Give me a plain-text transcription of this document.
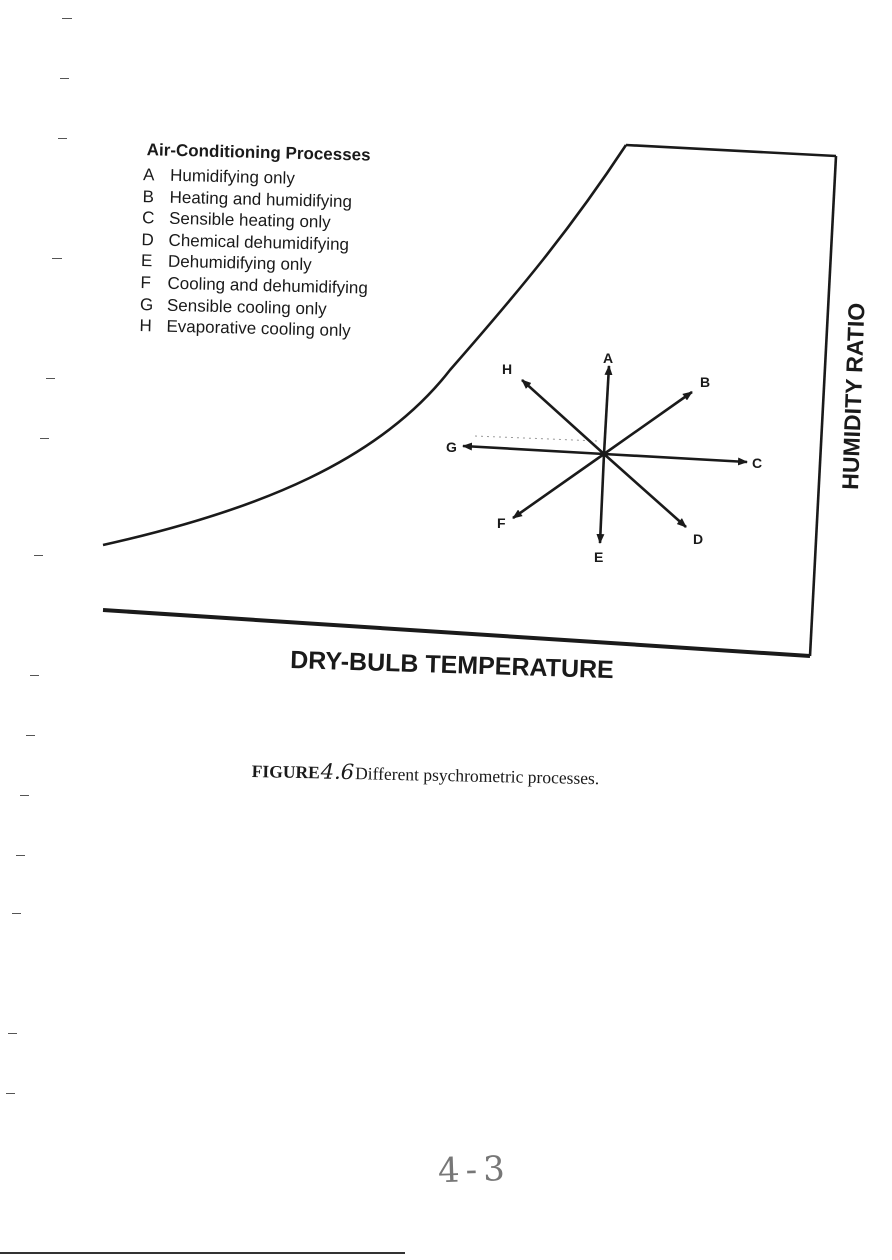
A
B
C
D
E
F
G
H
DRY-BULB TEMPERATURE
HUMIDITY RATIO
Air-Conditioning Processes
A Humidifying only
B Heating and humidifying
C Sensible heating only
D Chemical dehumidifying
E Dehumidifying only
F Cooling and dehumidifying
G Sensible cooling only
H Evaporative cooling only
FIGURE4.6Different psychrometric processes.
4-3
